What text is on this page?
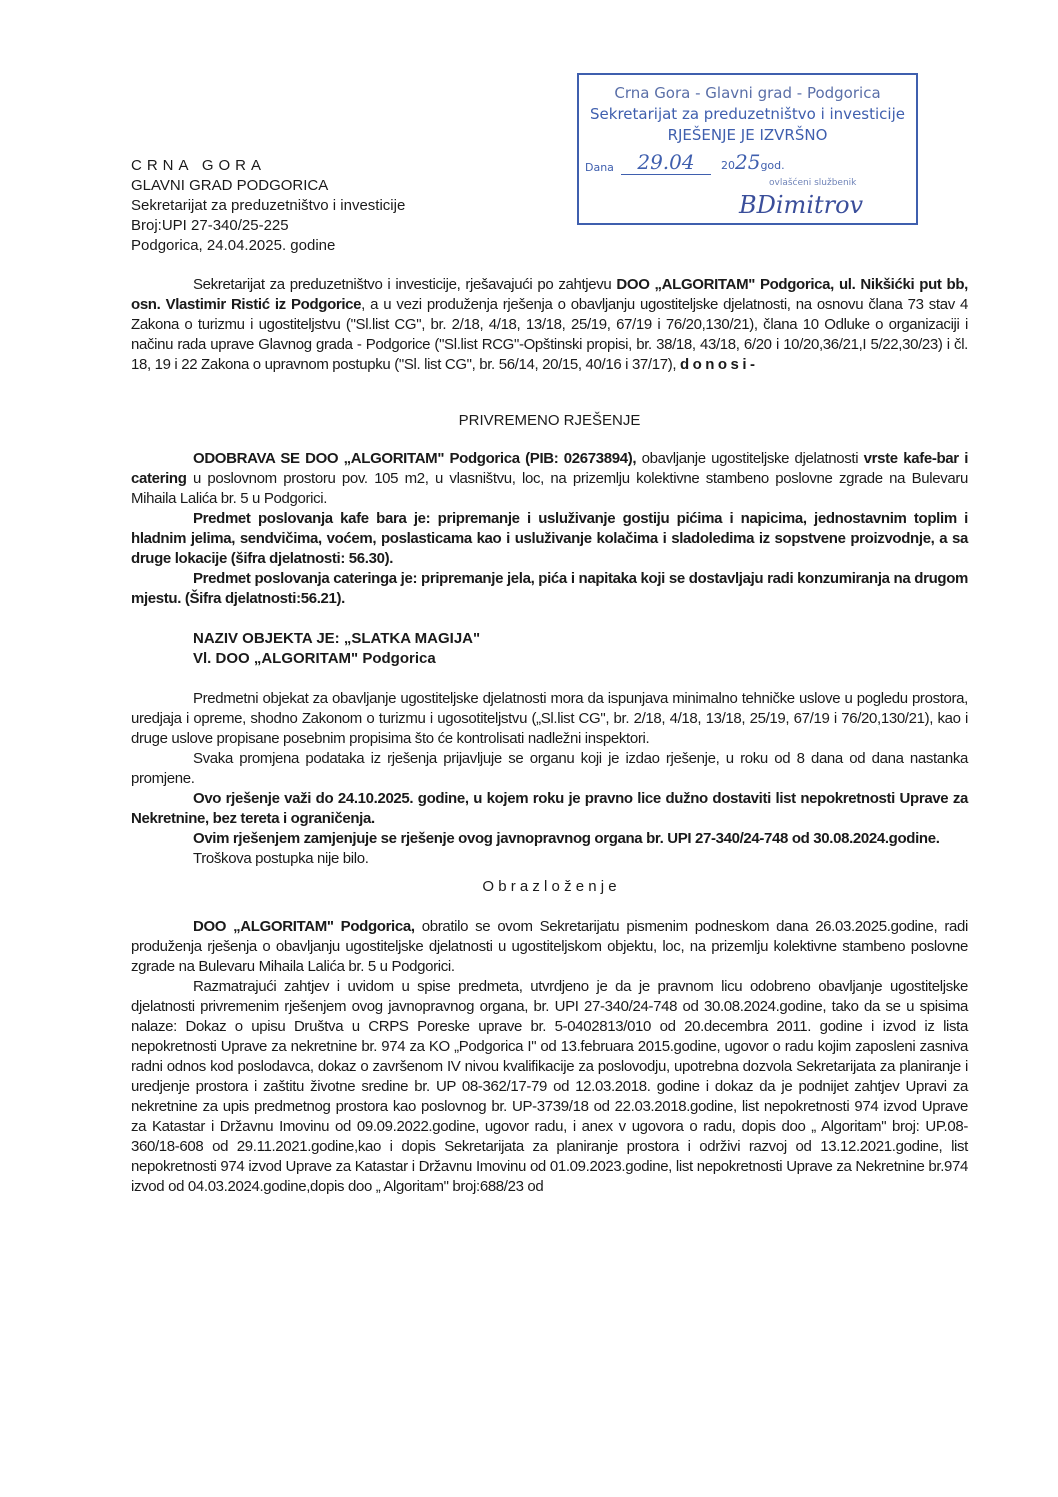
Crna Gora - Glavni grad - Podgorica
Sekretarijat za preduzetništvo i investicije
RJEŠENJE JE IZVRŠNO
Dana	29.04	2025god.
ovlašćeni službenik
BDimitrov
CRNA GORA
GLAVNI GRAD PODGORICA
Sekretarijat za preduzetništvo i investicije
Broj:UPI 27-340/25-225
Podgorica, 24.04.2025. godine

Sekretarijat za preduzetništvo i investicije, rješavajući po zahtjevu DOO „ALGORITAM" Podgorica, ul. Nikšićki put bb, osn. Vlastimir Ristić iz Podgorice, a u vezi produženja rješenja o obavljanju ugostiteljske djelatnosti, na osnovu člana 73 stav 4 Zakona o turizmu i ugostiteljstvu ("Sl.list CG", br. 2/18, 4/18, 13/18, 25/19, 67/19 i 76/20,130/21), člana 10 Odluke o organizaciji i načinu rada uprave Glavnog grada - Podgorice ("Sl.list RCG"-Opštinski propisi, br. 38/18, 43/18, 6/20 i 10/20,36/21,I 5/22,30/23) i čl. 18, 19 i 22 Zakona o upravnom postupku ("Sl. list CG", br. 56/14, 20/15, 40/16 i 37/17), d o n o s i -

PRIVREMENO RJEŠENJE

ODOBRAVA SE DOO „ALGORITAM" Podgorica (PIB: 02673894), obavljanje ugostiteljske djelatnosti vrste kafe-bar i catering u poslovnom prostoru pov. 105 m2, u vlasništvu, loc, na prizemlju kolektivne stambeno poslovne zgrade na Bulevaru Mihaila Lalića br. 5 u Podgorici.

Predmet poslovanja kafe bara je: pripremanje i usluživanje gostiju pićima i napicima, jednostavnim toplim i hladnim jelima, sendvičima, voćem, poslasticama kao i usluživanje kolačima i sladoledima iz sopstvene proizvodnje, a sa druge lokacije (šifra djelatnosti: 56.30).

Predmet poslovanja cateringa je: pripremanje jela, pića i napitaka koji se dostavljaju radi konzumiranja na drugom mjestu. (Šifra djelatnosti:56.21).

NAZIV OBJEKTA JE: „SLATKA MAGIJA"
Vl. DOO „ALGORITAM" Podgorica

Predmetni objekat za obavljanje ugostiteljske djelatnosti mora da ispunjava minimalno tehničke uslove u pogledu prostora, uredjaja i opreme, shodno Zakonom o turizmu i ugosotiteljstvu („Sl.list CG", br. 2/18, 4/18, 13/18, 25/19, 67/19 i 76/20,130/21), kao i druge uslove propisane posebnim propisima što će kontrolisati nadležni inspektori.

Svaka promjena podataka iz rješenja prijavljuje se organu koji je izdao rješenje, u roku od 8 dana od dana nastanka promjene.

Ovo rješenje važi do 24.10.2025. godine, u kojem roku je pravno lice dužno dostaviti list nepokretnosti Uprave za Nekretnine, bez tereta i ograničenja.

Ovim rješenjem zamjenjuje se rješenje ovog javnopravnog organa br. UPI 27-340/24-748 od 30.08.2024.godine.

Troškova postupka nije bilo.

O b r a z l o ž e n j e

DOO „ALGORITAM" Podgorica, obratilo se ovom Sekretarijatu pismenim podneskom dana 26.03.2025.godine, radi produženja rješenja o obavljanju ugostiteljske djelatnosti u ugostiteljskom objektu, loc, na prizemlju kolektivne stambeno poslovne zgrade na Bulevaru Mihaila Lalića br. 5 u Podgorici.

Razmatrajući zahtjev i uvidom u spise predmeta, utvrdjeno je da je pravnom licu odobreno obavljanje ugostiteljske djelatnosti privremenim rješenjem ovog javnopravnog organa, br. UPI 27-340/24-748 od 30.08.2024.godine, tako da se u spisima nalaze: Dokaz o upisu Društva u CRPS Poreske uprave br. 5-0402813/010 od 20.decembra 2011. godine i izvod iz lista nepokretnosti Uprave za nekretnine br. 974 za KO „Podgorica I" od 13.februara 2015.godine, ugovor o radu kojim zaposleni zasniva radni odnos kod poslodavca, dokaz o završenom IV nivou kvalifikacije za poslovodju, upotrebna dozvola Sekretarijata za planiranje i uredjenje prostora i zaštitu životne sredine br. UP 08-362/17-79 od 12.03.2018. godine i dokaz da je podnijet zahtjev Upravi za nekretnine za upis predmetnog prostora kao poslovnog br. UP-3739/18 od 22.03.2018.godine, list nepokretnosti 974 izvod Uprave za Katastar i Državnu Imovinu od 09.09.2022.godine, ugovor radu, i anex v ugovora o radu, dopis doo „ Algoritam" broj: UP.08-360/18-608 od 29.11.2021.godine,kao i dopis Sekretarijata za planiranje prostora i održivi razvoj od 13.12.2021.godine, list nepokretnosti 974 izvod Uprave za Katastar i Državnu Imovinu od 01.09.2023.godine, list nepokretnosti Uprave za Nekretnine br.974 izvod od 04.03.2024.godine,dopis doo „ Algoritam" broj:688/23 od
